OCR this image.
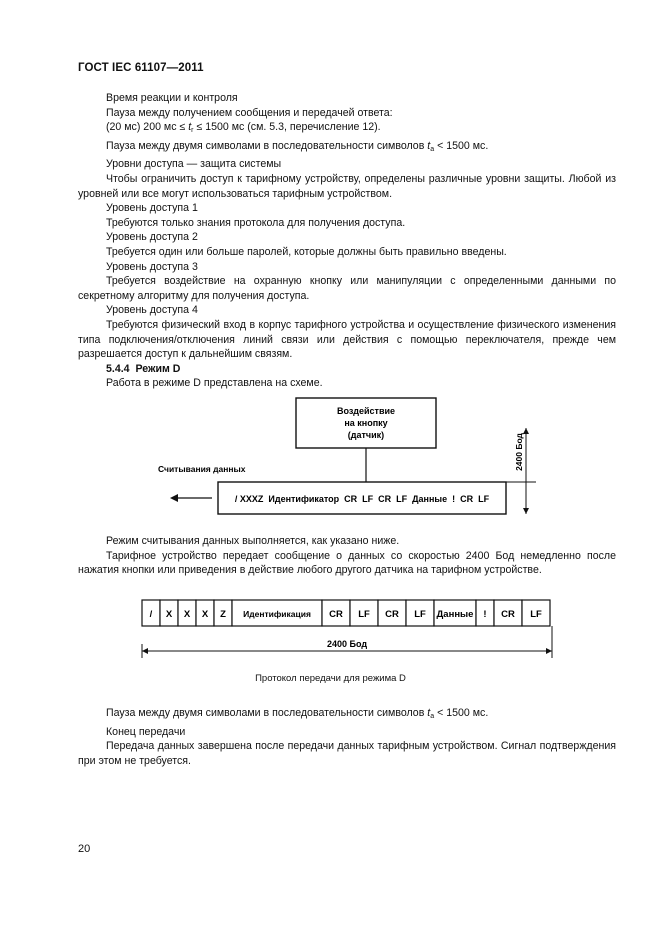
ГОСТ IEC 61107—2011

Время реакции и контроля

Пауза между получением сообщения и передачей ответа:

(20 мс) 200 мс ≤ $t_r \le 1500$ мс (см. 5.3, перечисление 12).

Пауза между двумя символами в последовательности символов $t_a < 1500$ мс.

Уровни доступа — защита системы

Чтобы ограничить доступ к тарифному устройству, определены различные уровни защиты. Любой из уровней или все могут использоваться тарифным устройством.

Уровень доступа 1

Требуются только знания протокола для получения доступа.

Уровень доступа 2

Требуется один или больше паролей, которые должны быть правильно введены.

Уровень доступа 3

Требуется воздействие на охранную кнопку или манипуляции с определенными данными по секретному алгоритму для получения доступа.

Уровень доступа 4

Требуются физический вход в корпус тарифного устройства и осуществление физического изменения типа подключения/отключения линий связи или действия с помощью переключателя, прежде чем разрешается доступ к дальнейшим связям.

5.4.4 Режим D

Работа в режиме D представлена на схеме.

Воздействие
на кнопку
(датчик)
Считывания данных
/ XXXZ  Идентификатор  CR  LF  CR  LF  Данные  !  CR  LF
2400 Бод

Режим считывания данных выполняется, как указано ниже.

Тарифное устройство передает сообщение о данных со скоростью 2400 Бод немедленно после нажатия кнопки или приведения в действие любого другого датчика на тарифном устройстве.

/ X X X Z Идентификация CR LF CR LF Данные ! CR LF
2400 Бод
Протокол передачи для режима D

Пауза между двумя символами в последовательности символов $t_a < 1500$ мс.

Конец передачи

Передача данных завершена после передачи данных тарифным устройством. Сигнал подтверждения при этом не требуется.

20
